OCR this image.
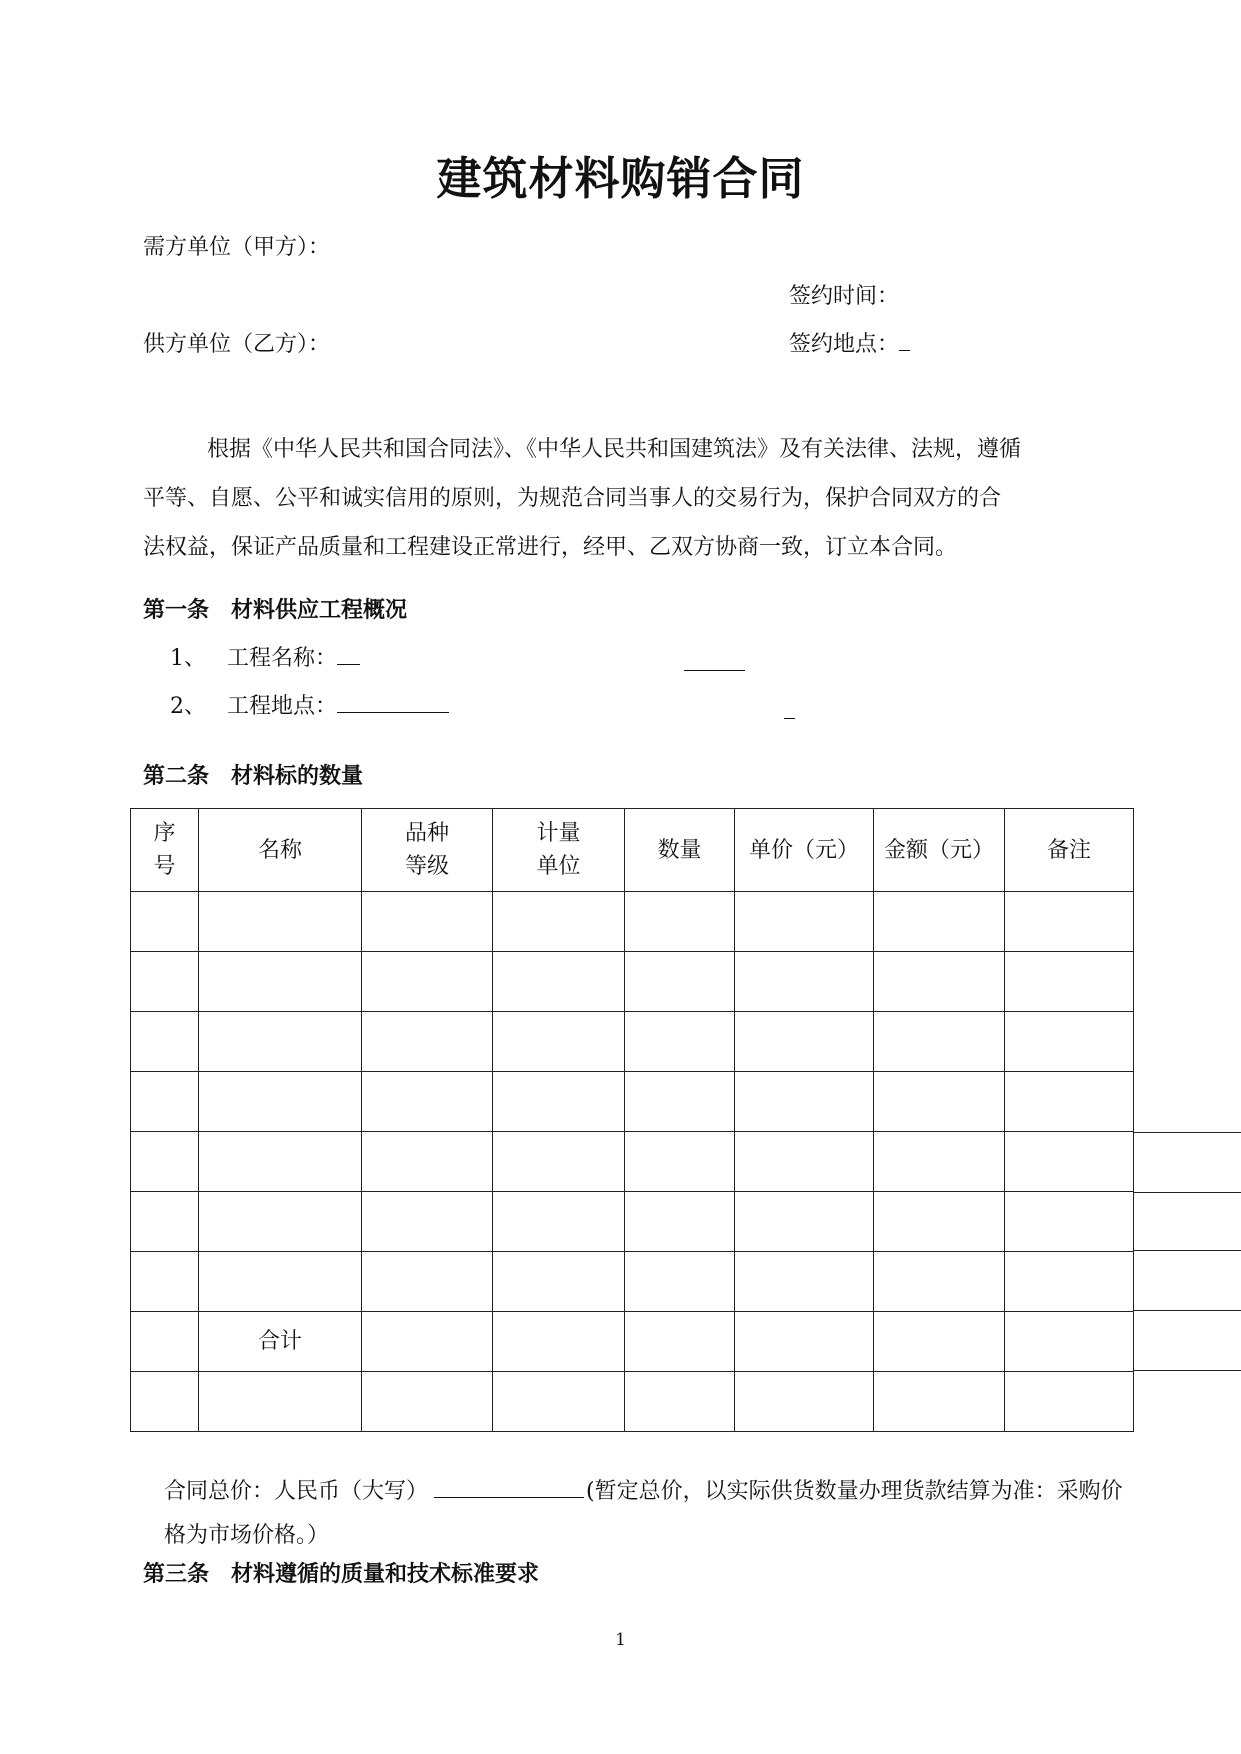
建筑材料购销合同
需方单位（甲方）：
签约时间：
供方单位（乙方）：	签约地点：

根据《中华人民共和国合同法》、《中华人民共和国建筑法》及有关法律、法规，遵循

平等、自愿、公平和诚实信用的原则，为规范合同当事人的交易行为，保护合同双方的合

法权益，保证产品质量和工程建设正常进行，经甲、乙双方协商一致，订立本合同。

第一条　材料供应工程概况
1、 工程名称：
2、 工程地点：
第二条　材料标的数量
序
号	名称	品种
等级	计量
单位	数量	单价（元）	金额（元）	备注

	合计						

合同总价：人民币（大写）	(暂定总价，以实际供货数量办理货款结算为准：采购价

格为市场价格。）

第三条　材料遵循的质量和技术标准要求
1
